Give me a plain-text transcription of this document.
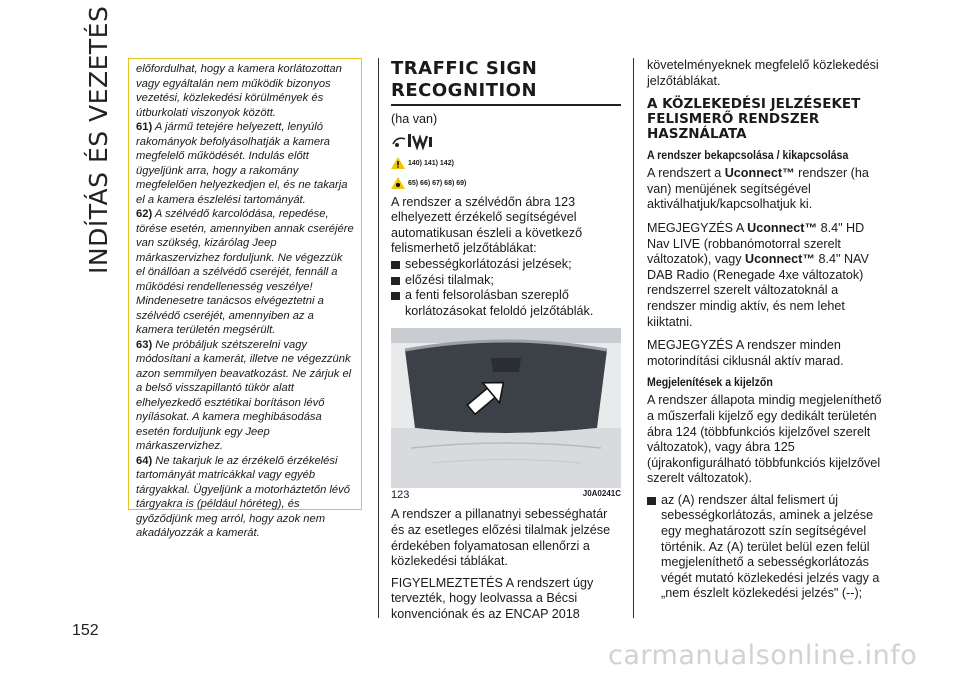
INDÍTÁS ÉS VEZETÉS
152

előfordulhat, hogy a kamera korlátozottan vagy egyáltalán nem működik bizonyos vezetési, közlekedési körülmények és útburkolati viszonyok között.

61) A jármű tetejére helyezett, lenyúló rakományok befolyásolhatják a kamera megfelelő működését. Indulás előtt ügyeljünk arra, hogy a rakomány megfelelően helyezkedjen el, és ne takarja el a kamera észlelési tartományát.

62) A szélvédő karcolódása, repedése, törése esetén, amennyiben annak cseréjére van szükség, kizárólag Jeep márkaszervizhez forduljunk. Ne végezzük el önállóan a szélvédő cseréjét, fennáll a működési rendellenesség veszélye! Mindenesetre tanácsos elvégeztetni a szélvédő cseréjét, amennyiben az a kamera területén megsérült.

63) Ne próbáljuk szétszerelni vagy módosítani a kamerát, illetve ne végezzünk azon semmilyen beavatkozást. Ne zárjuk el a belső visszapillantó tükör alatt elhelyezkedő esztétikai borításon lévő nyílásokat. A kamera meghibásodása esetén forduljunk egy Jeep márkaszervizhez.

64) Ne takarjuk le az érzékelő érzékelési tartományát matricákkal vagy egyéb tárgyakkal. Ügyeljünk a motorháztetőn lévő tárgyakra is (például hóréteg), és győződjünk meg arról, hogy azok nem akadályozzák a kamerát.

TRAFFIC SIGN
RECOGNITION

(ha van)

140) 141) 142)
65) 66) 67) 68) 69)

A rendszer a szélvédőn ábra 123 elhelyezett érzékelő segítségével automatikusan észleli a következő felismerhető jelzőtáblákat:

sebességkorlátozási jelzések;
előzési tilalmak;
a fenti felsorolásban szereplő korlátozásokat feloldó jelzőtáblák.
123	J0A0241C

A rendszer a pillanatnyi sebességhatár és az esetleges előzési tilalmak jelzése érdekében folyamatosan ellenőrzi a közlekedési táblákat.

FIGYELMEZTETÉS A rendszert úgy tervezték, hogy leolvassa a Bécsi konvenciónak és az ENCAP 2018

követelményeknek megfelelő közlekedési jelzőtáblákat.

A KÖZLEKEDÉSI JELZÉSEKET FELISMERŐ RENDSZER HASZNÁLATA

A rendszer bekapcsolása / kikapcsolása

A rendszert a Uconnect™ rendszer (ha van) menüjének segítségével aktiválhatjuk/kapcsolhatjuk ki.

MEGJEGYZÉS A Uconnect™ 8.4" HD Nav LIVE (robbanómotorral szerelt változatok), vagy Uconnect™ 8.4" NAV DAB Radio (Renegade 4xe változatok) rendszerrel szerelt változatoknál a rendszer mindig aktív, és nem lehet kiiktatni.

MEGJEGYZÉS A rendszer minden motorindítási ciklusnál aktív marad.

Megjelenítések a kijelzőn

A rendszer állapota mindig megjeleníthető a műszerfali kijelző egy dedikált területén ábra 124 (többfunkciós kijelzővel szerelt változatok), vagy ábra 125 (újrakonfigurálható többfunkciós kijelzővel szerelt változatok).

az (A) rendszer által felismert új sebességkorlátozás, aminek a jelzése egy meghatározott szín segítségével történik. Az (A) terület belül ezen felül megjeleníthető a sebességkorlátozás végét mutató közlekedési jelzés vagy a „nem észlelt közlekedési jelzés" (--);
carmanualsonline.info
